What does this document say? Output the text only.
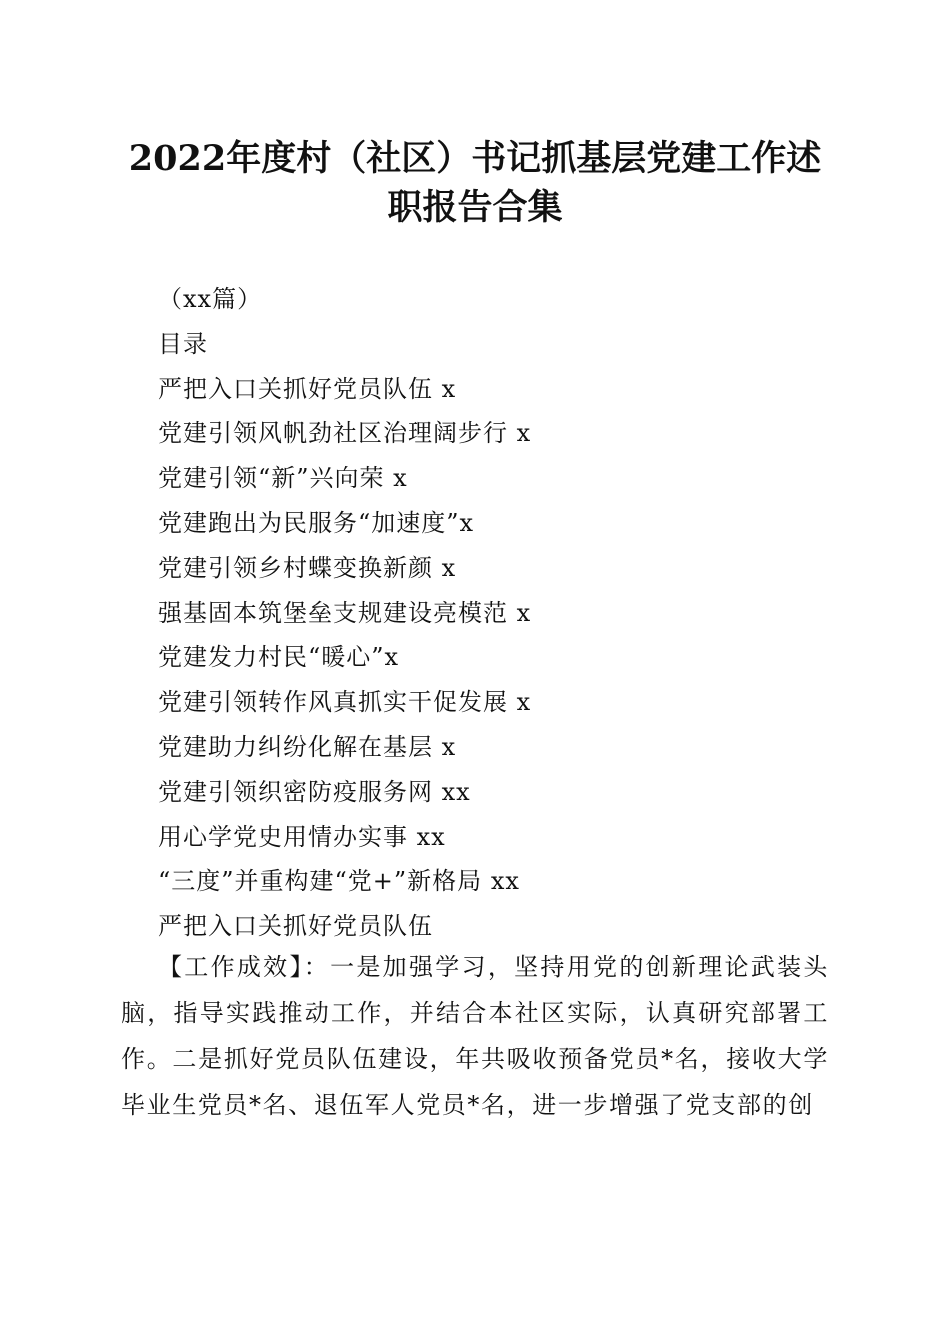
2022年度村（社区）书记抓基层党建工作述
职报告合集
（xx篇）
目录
严把入口关抓好党员队伍 x
党建引领风帆劲社区治理阔步行 x
党建引领“新”兴向荣 x
党建跑出为民服务“加速度”x
党建引领乡村蝶变换新颜 x
强基固本筑堡垒支规建设亮模范 x
党建发力村民“暖心”x
党建引领转作风真抓实干促发展 x
党建助力纠纷化解在基层 x
党建引领织密防疫服务网 xx
用心学党史用情办实事 xx
“三度”并重构建“党+”新格局 xx
严把入口关抓好党员队伍
【工作成效】：一是加强学习，坚持用党的创新理论武装头脑，指导实践推动工作，并结合本社区实际，认真研究部署工作。二是抓好党员队伍建设，年共吸收预备党员*名，接收大学毕业生党员*名、退伍军人党员*名，进一步增强了党支部的创
